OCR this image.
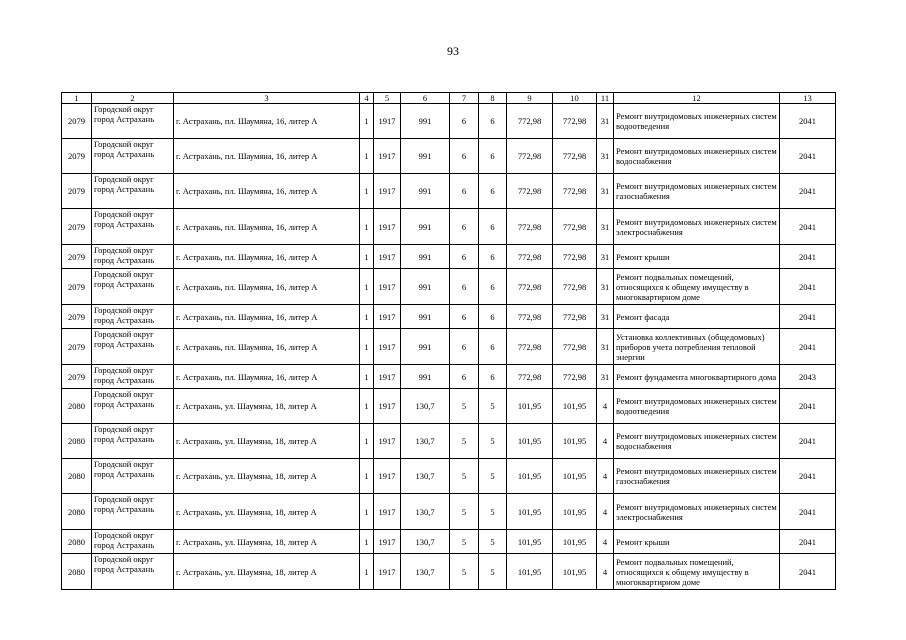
93
1	2	3	4	5	6	7	8	9	10	11	12	13
2079	Городской округ город Астрахань	г. Астрахань, пл. Шаумяна, 16, литер А	1	1917	991	6	6	772,98	772,98	31	Ремонт внутридомовых инженерных систем водоотведения	2041
2079	Городской округ город Астрахань	г. Астрахань, пл. Шаумяна, 16, литер А	1	1917	991	6	6	772,98	772,98	31	Ремонт внутридомовых инженерных систем водоснабжения	2041
2079	Городской округ город Астрахань	г. Астрахань, пл. Шаумяна, 16, литер А	1	1917	991	6	6	772,98	772,98	31	Ремонт внутридомовых инженерных систем газоснабжения	2041
2079	Городской округ город Астрахань	г. Астрахань, пл. Шаумяна, 16, литер А	1	1917	991	6	6	772,98	772,98	31	Ремонт внутридомовых инженерных систем электроснабжения	2041
2079	Городской округ город Астрахань	г. Астрахань, пл. Шаумяна, 16, литер А	1	1917	991	6	6	772,98	772,98	31	Ремонт крыши	2041
2079	Городской округ город Астрахань	г. Астрахань, пл. Шаумяна, 16, литер А	1	1917	991	6	6	772,98	772,98	31	Ремонт подвальных помещений, относящихся к общему имуществу в многоквартирном доме	2041
2079	Городской округ город Астрахань	г. Астрахань, пл. Шаумяна, 16, литер А	1	1917	991	6	6	772,98	772,98	31	Ремонт фасада	2041
2079	Городской округ город Астрахань	г. Астрахань, пл. Шаумяна, 16, литер А	1	1917	991	6	6	772,98	772,98	31	Установка коллективных (общедомовых) приборов учета потребления тепловой энергии	2041
2079	Городской округ город Астрахань	г. Астрахань, пл. Шаумяна, 16, литер А	1	1917	991	6	6	772,98	772,98	31	Ремонт фундамента многоквартирного дома	2043
2080	Городской округ город Астрахань	г. Астрахань, ул. Шаумяна, 18, литер А	1	1917	130,7	5	5	101,95	101,95	4	Ремонт внутридомовых инженерных систем водоотведения	2041
2080	Городской округ город Астрахань	г. Астрахань, ул. Шаумяна, 18, литер А	1	1917	130,7	5	5	101,95	101,95	4	Ремонт внутридомовых инженерных систем водоснабжения	2041
2080	Городской округ город Астрахань	г. Астрахань, ул. Шаумяна, 18, литер А	1	1917	130,7	5	5	101,95	101,95	4	Ремонт внутридомовых инженерных систем газоснабжения	2041
2080	Городской округ город Астрахань	г. Астрахань, ул. Шаумяна, 18, литер А	1	1917	130,7	5	5	101,95	101,95	4	Ремонт внутридомовых инженерных систем электроснабжения	2041
2080	Городской округ город Астрахань	г. Астрахань, ул. Шаумяна, 18, литер А	1	1917	130,7	5	5	101,95	101,95	4	Ремонт крыши	2041
2080	Городской округ город Астрахань	г. Астрахань, ул. Шаумяна, 18, литер А	1	1917	130,7	5	5	101,95	101,95	4	Ремонт подвальных помещений, относящихся к общему имуществу в многоквартирном доме	2041
